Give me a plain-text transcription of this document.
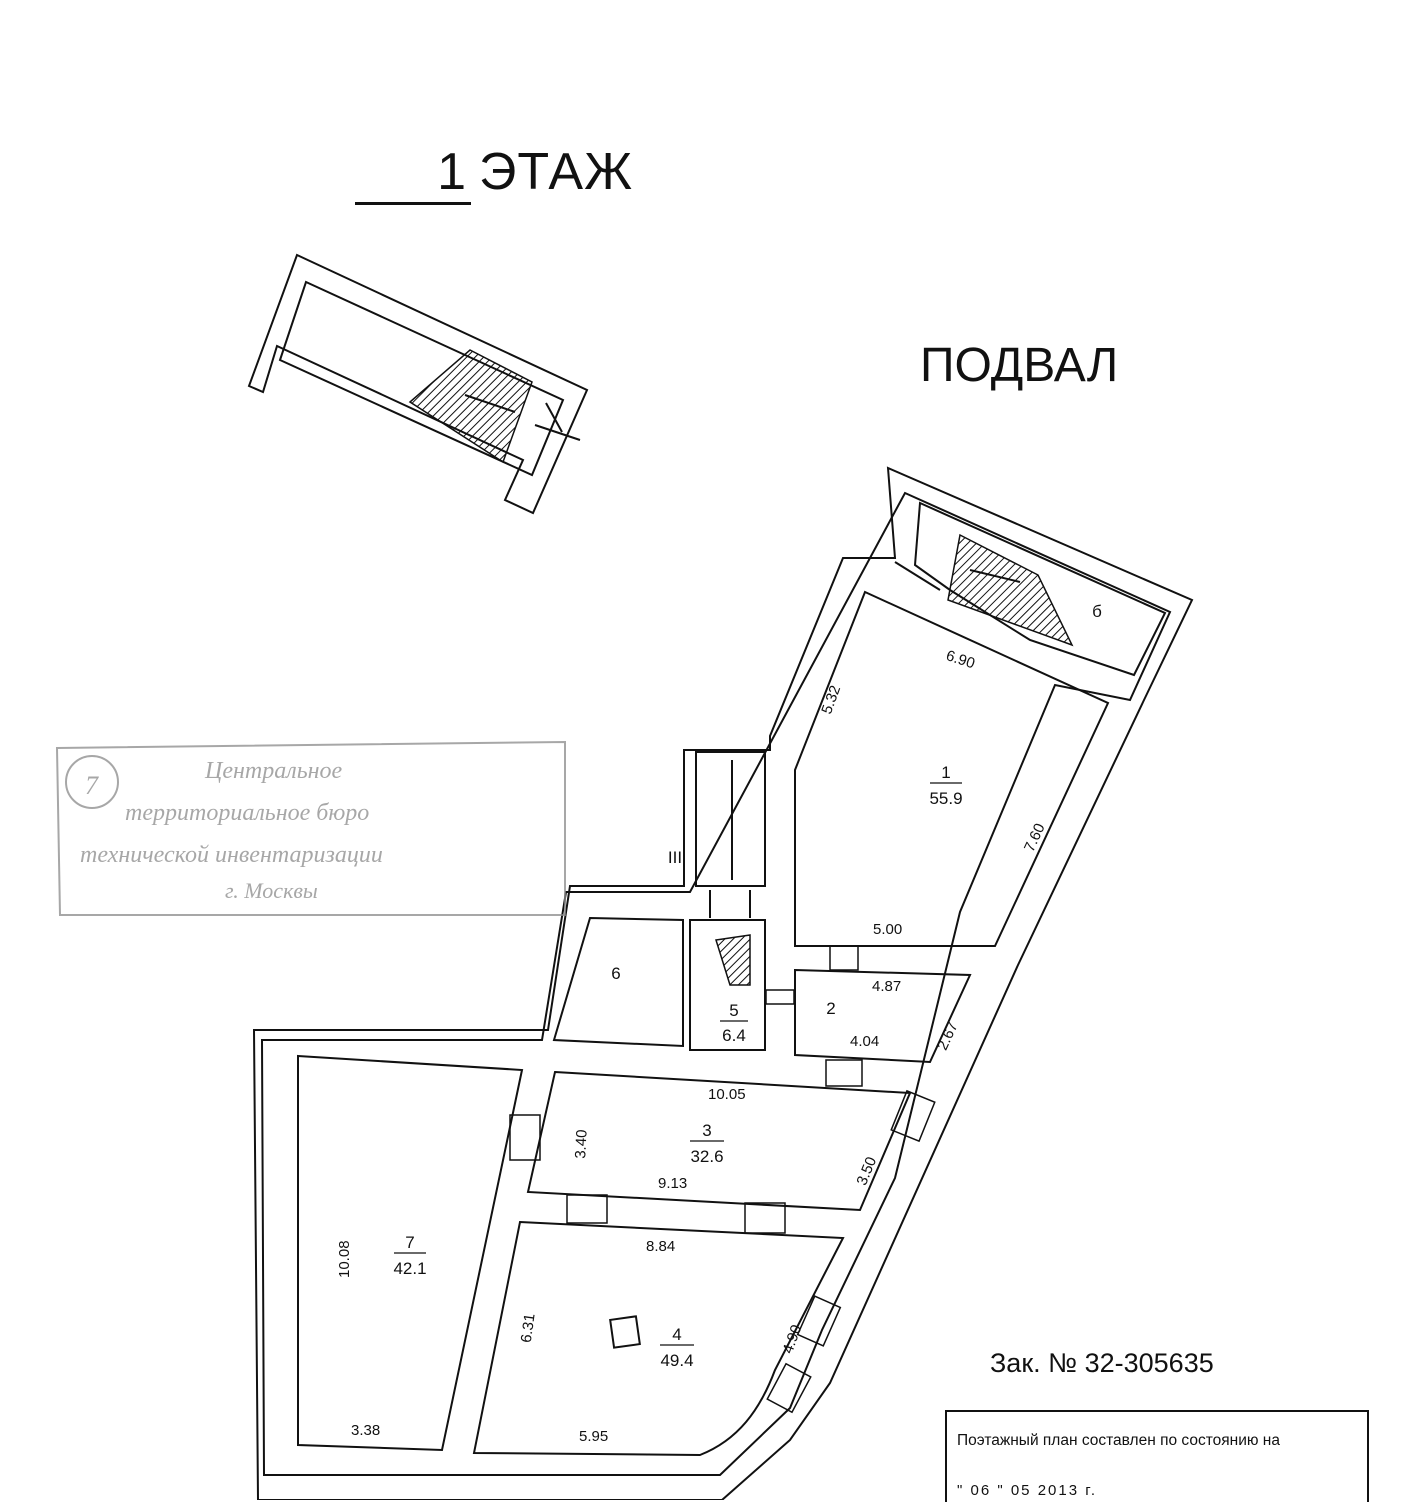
1 ЭТАЖ
ПОДВАЛ
1
55.9
2
3
32.6
4
49.4
5
6.4
6
7
42.1
б
III
6.90
5.32
7.60
5.00
4.87
4.04	2.67
10.05
3.40
9.13	3.50
8.84
6.31	4.90
5.95
10.08
3.38
7	Центральное
территориальное бюро
технической инвентаризации
г. Москвы
Зак. № 32-305635
Поэтажный план составлен по состоянию на
" 06 " 05 2013 г.
